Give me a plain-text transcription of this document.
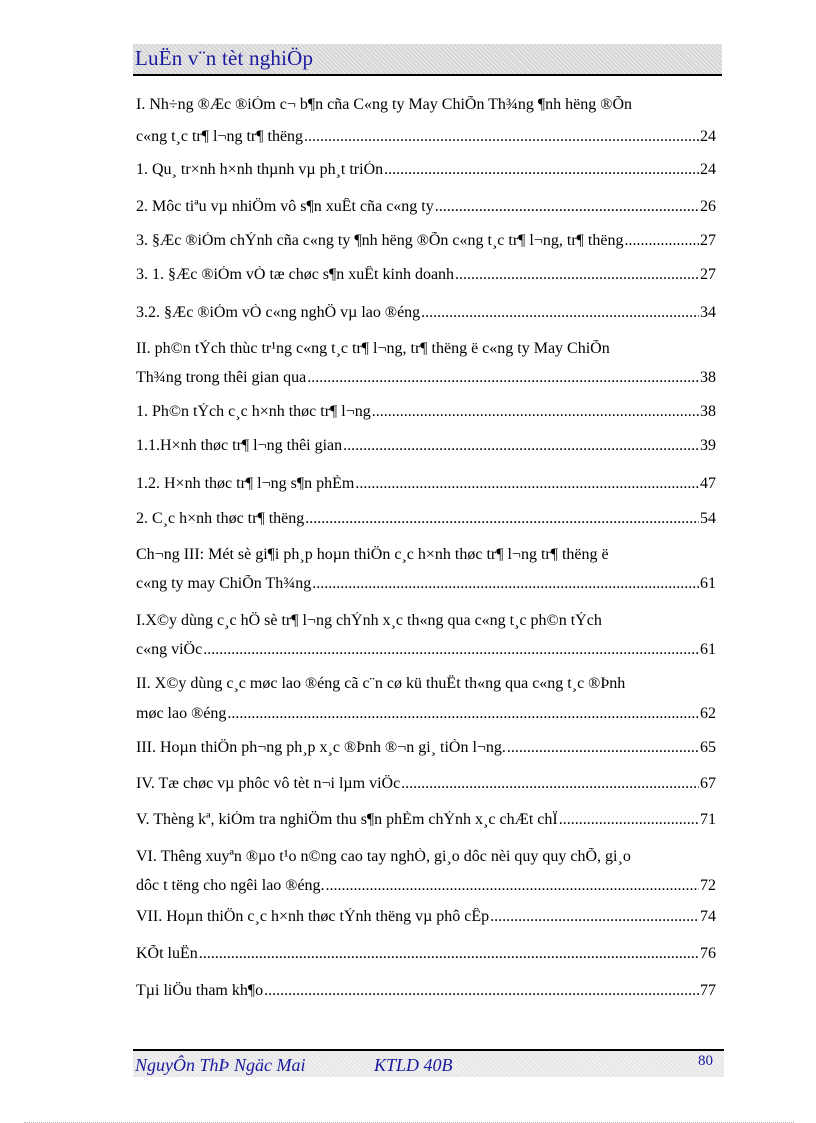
LuËn v¨n tèt nghiÖp
I. Nh÷ng ®Æc ®iÓm c¬ b¶n cña C«ng ty May ChiÕn Th¾ng ¶nh hëng ®Õn
c«ng t¸c tr¶ l¬ng tr¶ thëng .....	24
1. Qu¸ tr×nh h×nh thµnh vµ ph¸t triÓn .....	24
2. Môc tiªu vµ nhiÖm vô s¶n xuÊt cña c«ng ty .....	26
3. §Æc ®iÓm chÝnh cña c«ng ty ¶nh hëng ®Õn c«ng t¸c tr¶ l¬ng, tr¶ thëng .....	27
3. 1. §Æc ®iÓm vÒ tæ chøc s¶n xuÊt kinh doanh .....	27
3.2. §Æc ®iÓm vÒ c«ng nghÖ vµ lao ®éng .....	34
II. ph©n tÝch thùc tr¹ng c«ng t¸c tr¶ l¬ng, tr¶ thëng ë c«ng ty May ChiÕn
Th¾ng trong thêi gian qua .....	38
1. Ph©n tÝch c¸c h×nh thøc tr¶ l¬ng .....	38
1.1.H×nh thøc tr¶ l¬ng thêi gian .....	39
1.2. H×nh thøc tr¶ l¬ng s¶n phÈm .....	47
2. C¸c h×nh thøc tr¶ thëng .....	54
Ch¬ng III: Mét sè gi¶i ph¸p hoµn thiÖn c¸c h×nh thøc tr¶ l¬ng tr¶ thëng ë
c«ng ty may ChiÕn Th¾ng .....	61
I.X©y dùng c¸c hÖ sè tr¶ l¬ng chÝnh x¸c th«ng qua c«ng t¸c ph©n tÝch
c«ng viÖc .....	61
II. X©y dùng c¸c møc lao ®éng cã c¨n cø kü thuËt th«ng qua c«ng t¸c ®Þnh
møc lao ®éng .....	62
III. Hoµn thiÖn ph¬ng ph¸p x¸c ®Þnh ®¬n gi¸ tiÒn l¬ng. .....	65
IV. Tæ chøc vµ phôc vô tèt n¬i lµm viÖc .....	67
V. Thèng kª, kiÓm tra nghiÖm thu s¶n phÈm chÝnh x¸c chÆt chÏ .....	71
VI. Thêng xuyªn ®µo t¹o n©ng cao tay nghÒ, gi¸o dôc nèi quy quy chÕ, gi¸o
dôc t tëng cho ngêi lao ®éng. .....	72
VII. Hoµn thiÖn c¸c h×nh thøc tÝnh thëng vµ phô cÊp .....	74
KÕt luËn .....	76
Tµi liÖu tham kh¶o .....	77
NguyÔn ThÞ Ngäc Mai	KTLD 40B	80
